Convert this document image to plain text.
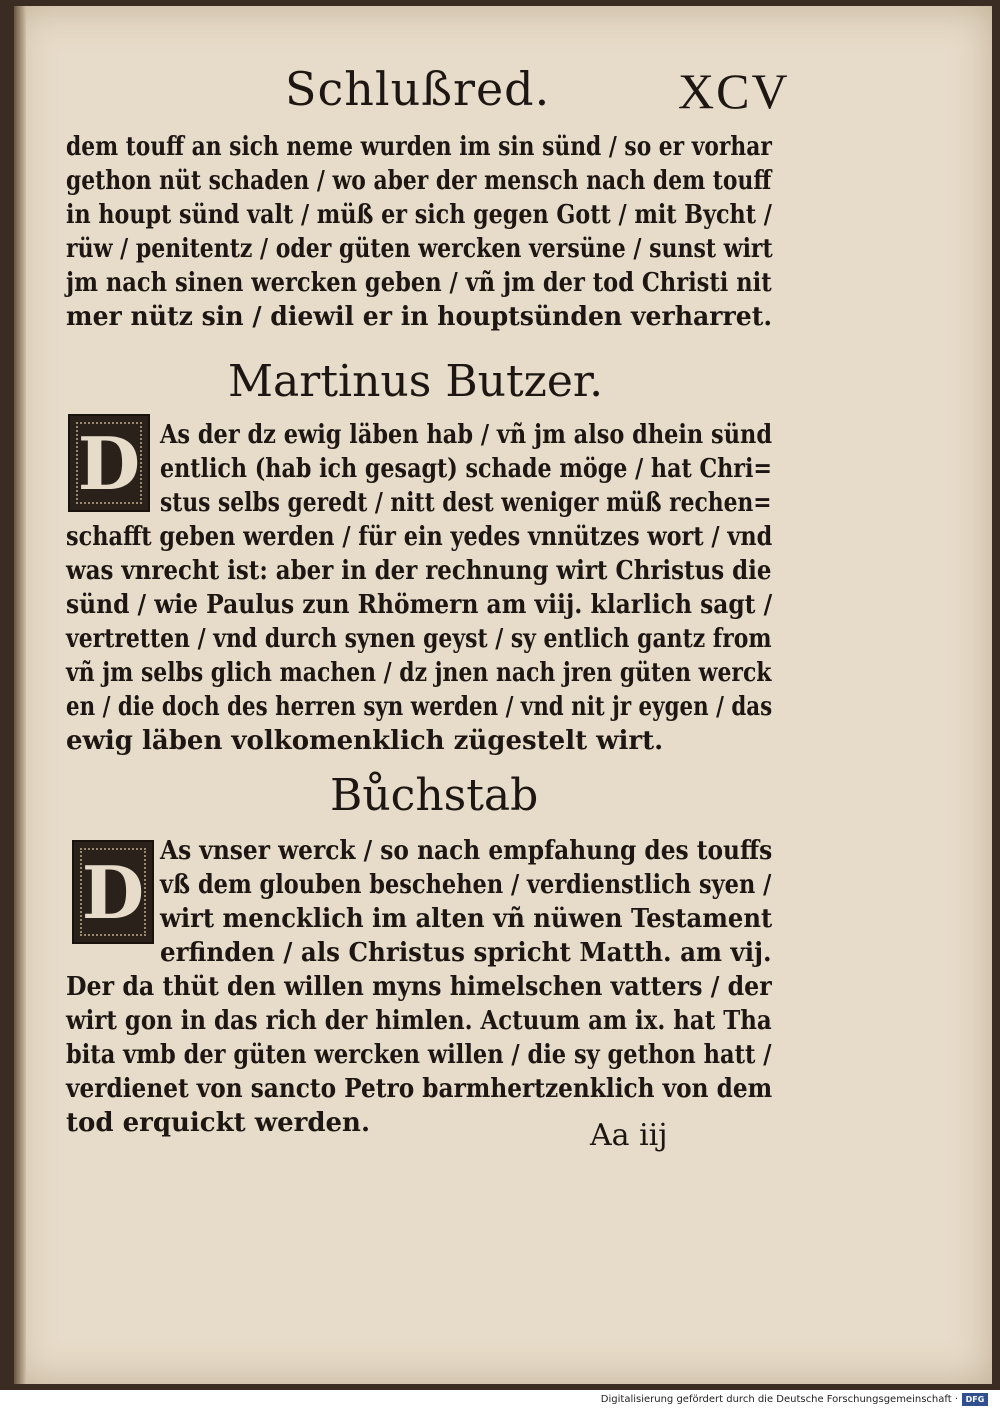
Schlußred.	XCV
dem touff an sich neme wurden im sin sünd / so er vorhar
gethon nüt schaden / wo aber der mensch nach dem touff
in houpt sünd valt / müß er sich gegen Gott / mit Bycht /
rüw / penitentz / oder güten wercken versüne / sunst wirt
jm nach sinen wercken geben / vñ jm der tod Christi nit
mer nütz sin / diewil er in houptsünden verharret.
Martinus Butzer.
D As der dz ewig läben hab / vñ jm also dhein sünd
entlich (hab ich gesagt) schade möge / hat Chri=
stus selbs geredt / nitt dest weniger müß rechen=
schafft geben werden / für ein yedes vnnützes wort / vnd
was vnrecht ist: aber in der rechnung wirt Christus die
sünd / wie Paulus zun Rhömern am viij. klarlich sagt /
vertretten / vnd durch synen geyst / sy entlich gantz from
vñ jm selbs glich machen / dz jnen nach jren güten werck
en / die doch des herren syn werden / vnd nit jr eygen / das
ewig läben volkomenklich zügestelt wirt.
Bůchstab
D As vnser werck / so nach empfahung des touffs
vß dem glouben beschehen / verdienstlich syen /
wirt mencklich im alten vñ nüwen Testament
erfinden / als Christus spricht Matth. am vij.
Der da thüt den willen myns himelschen vatters / der
wirt gon in das rich der himlen. Actuum am ix. hat Tha
bita vmb der güten wercken willen / die sy gethon hatt /
verdienet von sancto Petro barmhertzenklich von dem
tod erquickt werden.	Aa iij
Digitalisierung gefördert durch die Deutsche Forschungsgemeinschaft · DFG
